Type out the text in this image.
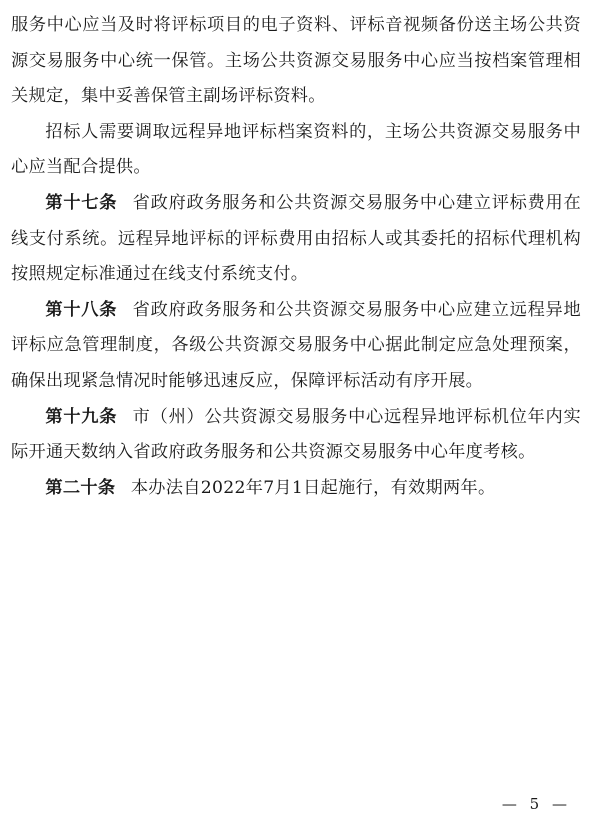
服务中心应当及时将评标项目的电子资料、评标音视频备份送主场公共资源交易服务中心统一保管。主场公共资源交易服务中心应当按档案管理相关规定，集中妥善保管主副场评标资料。

招标人需要调取远程异地评标档案资料的，主场公共资源交易服务中心应当配合提供。

第十七条 省政府政务服务和公共资源交易服务中心建立评标费用在线支付系统。远程异地评标的评标费用由招标人或其委托的招标代理机构按照规定标准通过在线支付系统支付。

第十八条 省政府政务服务和公共资源交易服务中心应建立远程异地评标应急管理制度，各级公共资源交易服务中心据此制定应急处理预案，确保出现紧急情况时能够迅速反应，保障评标活动有序开展。

第十九条 市（州）公共资源交易服务中心远程异地评标机位年内实际开通天数纳入省政府政务服务和公共资源交易服务中心年度考核。

第二十条 本办法自2022年7月1日起施行，有效期两年。

— 5 —
